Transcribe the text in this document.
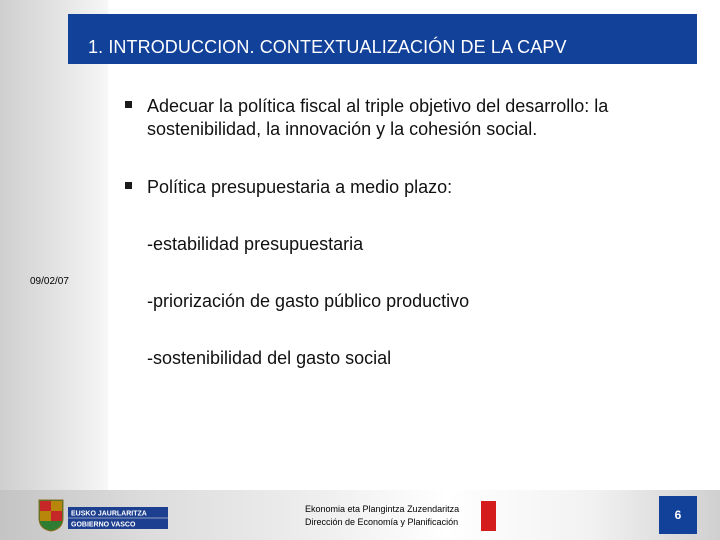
1. INTRODUCCION. CONTEXTUALIZACIÓN DE LA CAPV
09/02/07
Adecuar la política fiscal al triple objetivo del desarrollo: la sostenibilidad, la innovación y la cohesión social.
Política presupuestaria a medio plazo:
-estabilidad presupuestaria
-priorización de gasto público productivo
-sostenibilidad del gasto social
EUSKO JAURLARITZA
GOBIERNO VASCO
Ekonomia eta Plangintza Zuzendaritza
Dirección de Economía y Planificación	6
